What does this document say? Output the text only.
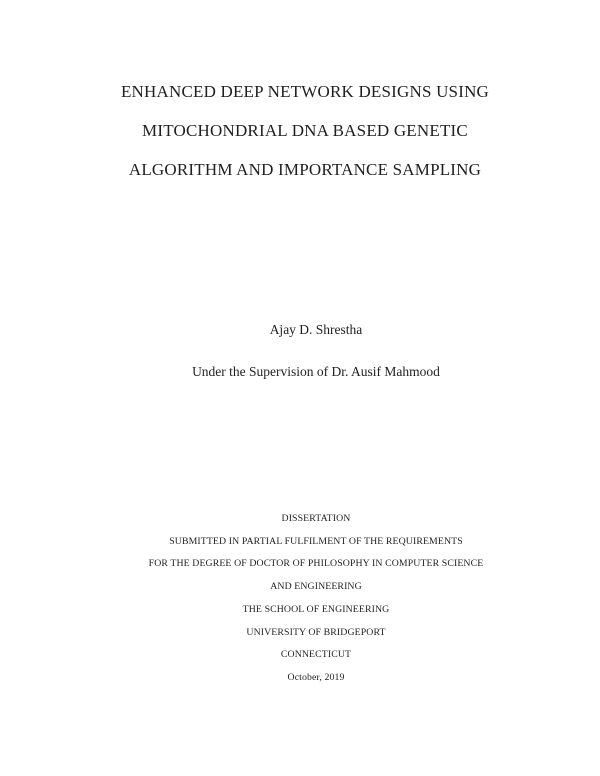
ENHANCED DEEP NETWORK DESIGNS USING
MITOCHONDRIAL DNA BASED GENETIC
ALGORITHM AND IMPORTANCE SAMPLING
Ajay D. Shrestha
Under the Supervision of Dr. Ausif Mahmood
DISSERTATION
SUBMITTED IN PARTIAL FULFILMENT OF THE REQUIREMENTS
FOR THE DEGREE OF DOCTOR OF PHILOSOPHY IN COMPUTER SCIENCE
AND ENGINEERING
THE SCHOOL OF ENGINEERING
UNIVERSITY OF BRIDGEPORT
CONNECTICUT
October, 2019
